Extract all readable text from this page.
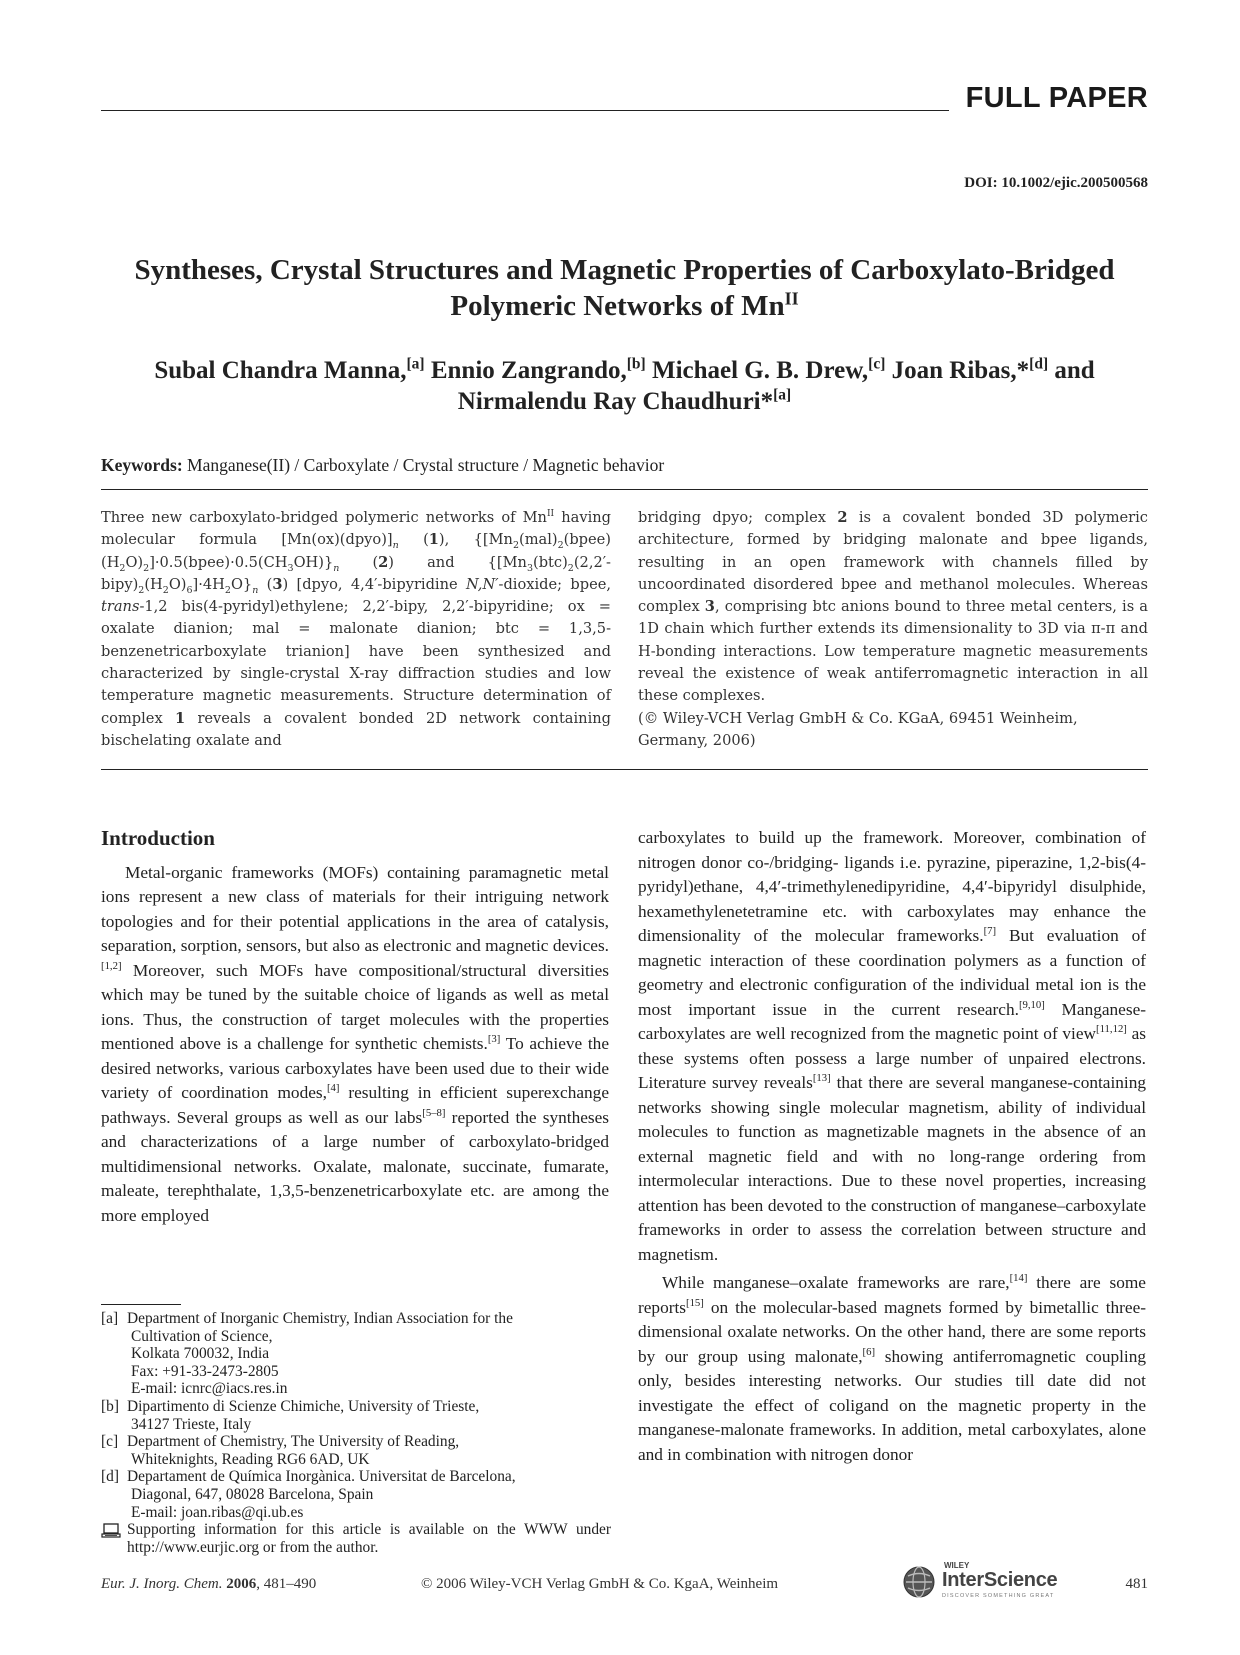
FULL PAPER
DOI: 10.1002/ejic.200500568
Syntheses, Crystal Structures and Magnetic Properties of Carboxylato-Bridged
Polymeric Networks of $Mn^{II}$
Subal Chandra Manna,[a] Ennio Zangrando,[b] Michael G. B. Drew,[c] Joan Ribas,*[d] and
Nirmalendu Ray Chaudhuri*[a]
Keywords: Manganese(II) / Carboxylate / Crystal structure / Magnetic behavior

Three new carboxylato-bridged polymeric networks of $Mn^{II}$ having molecular formula $[Mn(ox)(dpyo)]_n$ (1), $\{[Mn_2(mal)_2(bpee)(H_2O)_2]\cdot 0.5(bpee)\cdot 0.5(CH_3OH)\}_n$ (2) and $\{[Mn_3(btc)_2(2,2'-bipy)_2(H_2O)_6]\cdot 4H_2O\}_n$ (3) [dpyo, 4,4′-bipyridine N,N′-dioxide; bpee, trans-1,2 bis(4-pyridyl)ethylene; 2,2′-bipy, 2,2′-bipyridine; ox = oxalate dianion; mal = malonate dianion; btc = 1,3,5-benzenetricarboxylate trianion] have been synthesized and characterized by single-crystal X-ray diffraction studies and low temperature magnetic measurements. Structure determination of complex 1 reveals a covalent bonded 2D network containing bischelating oxalate and

bridging dpyo; complex 2 is a covalent bonded 3D polymeric architecture, formed by bridging malonate and bpee ligands, resulting in an open framework with channels filled by uncoordinated disordered bpee and methanol molecules. Whereas complex 3, comprising btc anions bound to three metal centers, is a 1D chain which further extends its dimensionality to 3D via π-π and H-bonding interactions. Low temperature magnetic measurements reveal the existence of weak antiferromagnetic interaction in all these complexes.

(© Wiley-VCH Verlag GmbH & Co. KGaA, 69451 Weinheim, Germany, 2006)

Introduction

Metal-organic frameworks (MOFs) containing paramagnetic metal ions represent a new class of materials for their intriguing network topologies and for their potential applications in the area of catalysis, separation, sorption, sensors, but also as electronic and magnetic devices.[1,2] Moreover, such MOFs have compositional/structural diversities which may be tuned by the suitable choice of ligands as well as metal ions. Thus, the construction of target molecules with the properties mentioned above is a challenge for synthetic chemists.[3] To achieve the desired networks, various carboxylates have been used due to their wide variety of coordination modes,[4] resulting in efficient superexchange pathways. Several groups as well as our labs[5–8] reported the syntheses and characterizations of a large number of carboxylato-bridged multidimensional networks. Oxalate, malonate, succinate, fumarate, maleate, terephthalate, 1,3,5-benzenetricarboxylate etc. are among the more employed

carboxylates to build up the framework. Moreover, combination of nitrogen donor co-/bridging- ligands i.e. pyrazine, piperazine, 1,2-bis(4-pyridyl)ethane, 4,4′-trimethylenedipyridine, 4,4′-bipyridyl disulphide, hexamethylenetetramine etc. with carboxylates may enhance the dimensionality of the molecular frameworks.[7] But evaluation of magnetic interaction of these coordination polymers as a function of geometry and electronic configuration of the individual metal ion is the most important issue in the current research.[9,10] Manganese-carboxylates are well recognized from the magnetic point of view[11,12] as these systems often possess a large number of unpaired electrons. Literature survey reveals[13] that there are several manganese-containing networks showing single molecular magnetism, ability of individual molecules to function as magnetizable magnets in the absence of an external magnetic field and with no long-range ordering from intermolecular interactions. Due to these novel properties, increasing attention has been devoted to the construction of manganese–carboxylate frameworks in order to assess the correlation between structure and magnetism.

While manganese–oxalate frameworks are rare,[14] there are some reports[15] on the molecular-based magnets formed by bimetallic three-dimensional oxalate networks. On the other hand, there are some reports by our group using malonate,[6] showing antiferromagnetic coupling only, besides interesting networks. Our studies till date did not investigate the effect of coligand on the magnetic property in the manganese-malonate frameworks. In addition, metal carboxylates, alone and in combination with nitrogen donor

[a] Department of Inorganic Chemistry, Indian Association for the
Cultivation of Science,
Kolkata 700032, India
Fax: +91-33-2473-2805
E-mail: icnrc@iacs.res.in
[b] Dipartimento di Scienze Chimiche, University of Trieste,
34127 Trieste, Italy
[c] Department of Chemistry, The University of Reading,
Whiteknights, Reading RG6 6AD, UK
[d] Departament de Química Inorgànica. Universitat de Barcelona,
Diagonal, 647, 08028 Barcelona, Spain
E-mail: joan.ribas@qi.ub.es
Supporting information for this article is available on the WWW under http://www.eurjic.org or from the author.
Eur. J. Inorg. Chem. 2006, 481–490	© 2006 Wiley-VCH Verlag GmbH & Co. KgaA, Weinheim
WILEY
InterScience
DISCOVER SOMETHING GREAT
481
